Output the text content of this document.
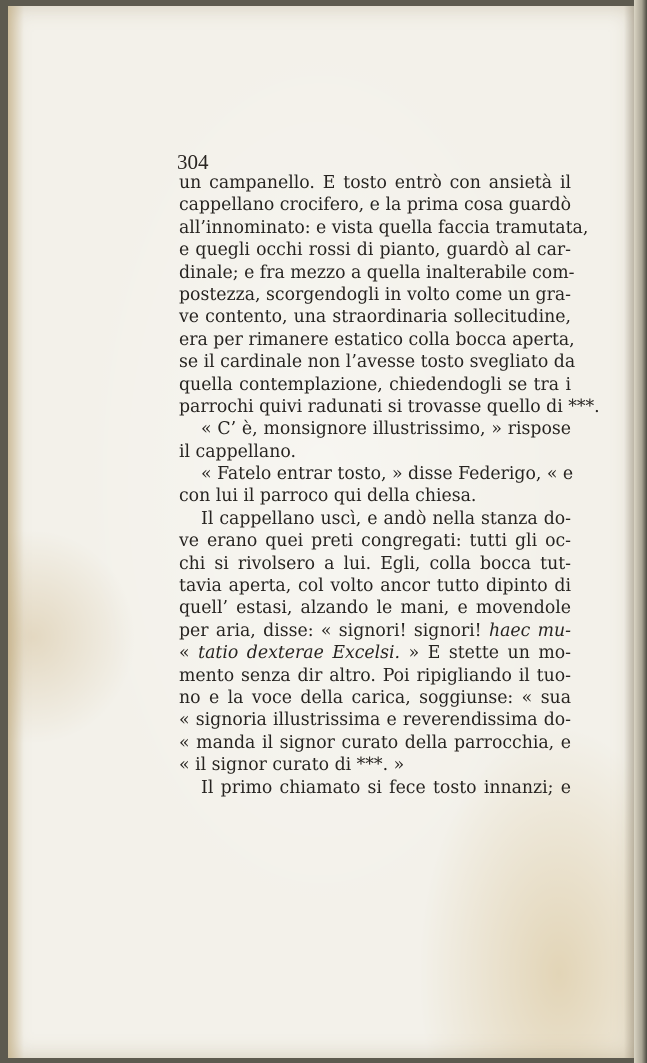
304
un campanello. E tosto entrò con ansietà il
cappellano crocifero, e la prima cosa guardò
all’innominato: e vista quella faccia tramutata,
e quegli occhi rossi di pianto, guardò al car-
dinale; e fra mezzo a quella inalterabile com-
postezza, scorgendogli in volto come un gra-
ve contento, una straordinaria sollecitudine,
era per rimanere estatico colla bocca aperta,
se il cardinale non l’avesse tosto svegliato da
quella contemplazione, chiedendogli se tra i
parrochi quivi radunati si trovasse quello di ***.
« C’ è, monsignore illustrissimo, » rispose
il cappellano.
« Fatelo entrar tosto, » disse Federigo, « e
con lui il parroco qui della chiesa.
Il cappellano uscì, e andò nella stanza do-
ve erano quei preti congregati: tutti gli oc-
chi si rivolsero a lui. Egli, colla bocca tut-
tavia aperta, col volto ancor tutto dipinto di
quell’ estasi, alzando le mani, e movendole
per aria, disse: « signori! signori! haec mu-
« tatio dexterae Excelsi. » E stette un mo-
mento senza dir altro. Poi ripigliando il tuo-
no e la voce della carica, soggiunse: « sua
« signoria illustrissima e reverendissima do-
« manda il signor curato della parrocchia, e
« il signor curato di ***. »
Il primo chiamato si fece tosto innanzi; e
